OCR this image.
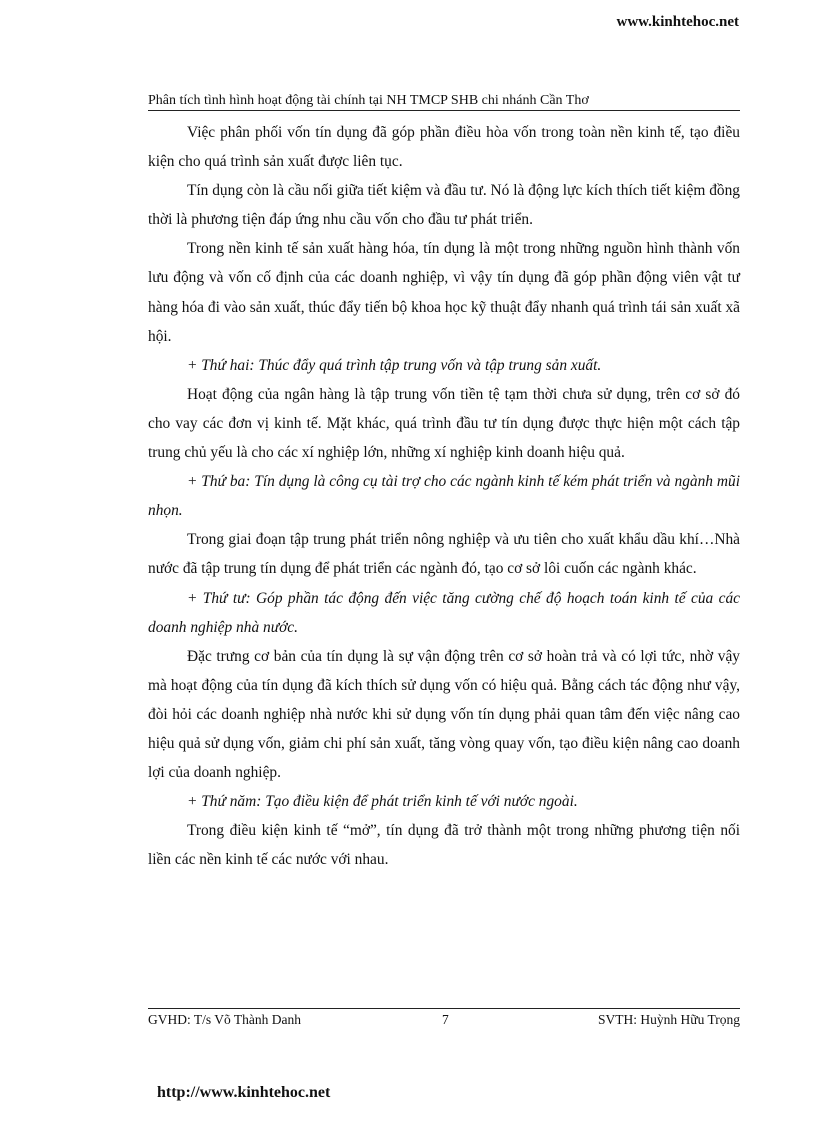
www.kinhtehoc.net
Phân tích tình hình hoạt động tài chính tại NH TMCP SHB chi nhánh Cần Thơ

Việc phân phối vốn tín dụng đã góp phần điều hòa vốn trong toàn nền kinh tế, tạo điều kiện cho quá trình sản xuất được liên tục.

Tín dụng còn là cầu nối giữa tiết kiệm và đầu tư. Nó là động lực kích thích tiết kiệm đồng thời là phương tiện đáp ứng nhu cầu vốn cho đầu tư phát triển.

Trong nền kinh tế sản xuất hàng hóa, tín dụng là một trong những nguồn hình thành vốn lưu động và vốn cố định của các doanh nghiệp, vì vậy tín dụng đã góp phần động viên vật tư hàng hóa đi vào sản xuất, thúc đẩy tiến bộ khoa học kỹ thuật đẩy nhanh quá trình tái sản xuất xã hội.

+ Thứ hai: Thúc đẩy quá trình tập trung vốn và tập trung sản xuất.

Hoạt động của ngân hàng là tập trung vốn tiền tệ tạm thời chưa sử dụng, trên cơ sở đó cho vay các đơn vị kinh tế. Mặt khác, quá trình đầu tư tín dụng được thực hiện một cách tập trung chủ yếu là cho các xí nghiệp lớn, những xí nghiệp kinh doanh hiệu quả.

+ Thứ ba: Tín dụng là công cụ tài trợ cho các ngành kinh tế kém phát triển và ngành mũi nhọn.

Trong giai đoạn tập trung phát triển nông nghiệp và ưu tiên cho xuất khẩu dầu khí…Nhà nước đã tập trung tín dụng để phát triển các ngành đó, tạo cơ sở lôi cuốn các ngành khác.

+ Thứ tư: Góp phần tác động đến việc tăng cường chế độ hoạch toán kinh tế của các doanh nghiệp nhà nước.

Đặc trưng cơ bản của tín dụng là sự vận động trên cơ sở hoàn trả và có lợi tức, nhờ vậy mà hoạt động của tín dụng đã kích thích sử dụng vốn có hiệu quả. Bằng cách tác động như vậy, đòi hỏi các doanh nghiệp nhà nước khi sử dụng vốn tín dụng phải quan tâm đến việc nâng cao hiệu quả sử dụng vốn, giảm chi phí sản xuất, tăng vòng quay vốn, tạo điều kiện nâng cao doanh lợi của doanh nghiệp.

+ Thứ năm: Tạo điều kiện để phát triển kinh tế với nước ngoài.

Trong điều kiện kinh tế “mở”, tín dụng đã trở thành một trong những phương tiện nối liền các nền kinh tế các nước với nhau.

GVHD: T/s Võ Thành Danh	7	SVTH: Huỳnh Hữu Trọng
http://www.kinhtehoc.net
